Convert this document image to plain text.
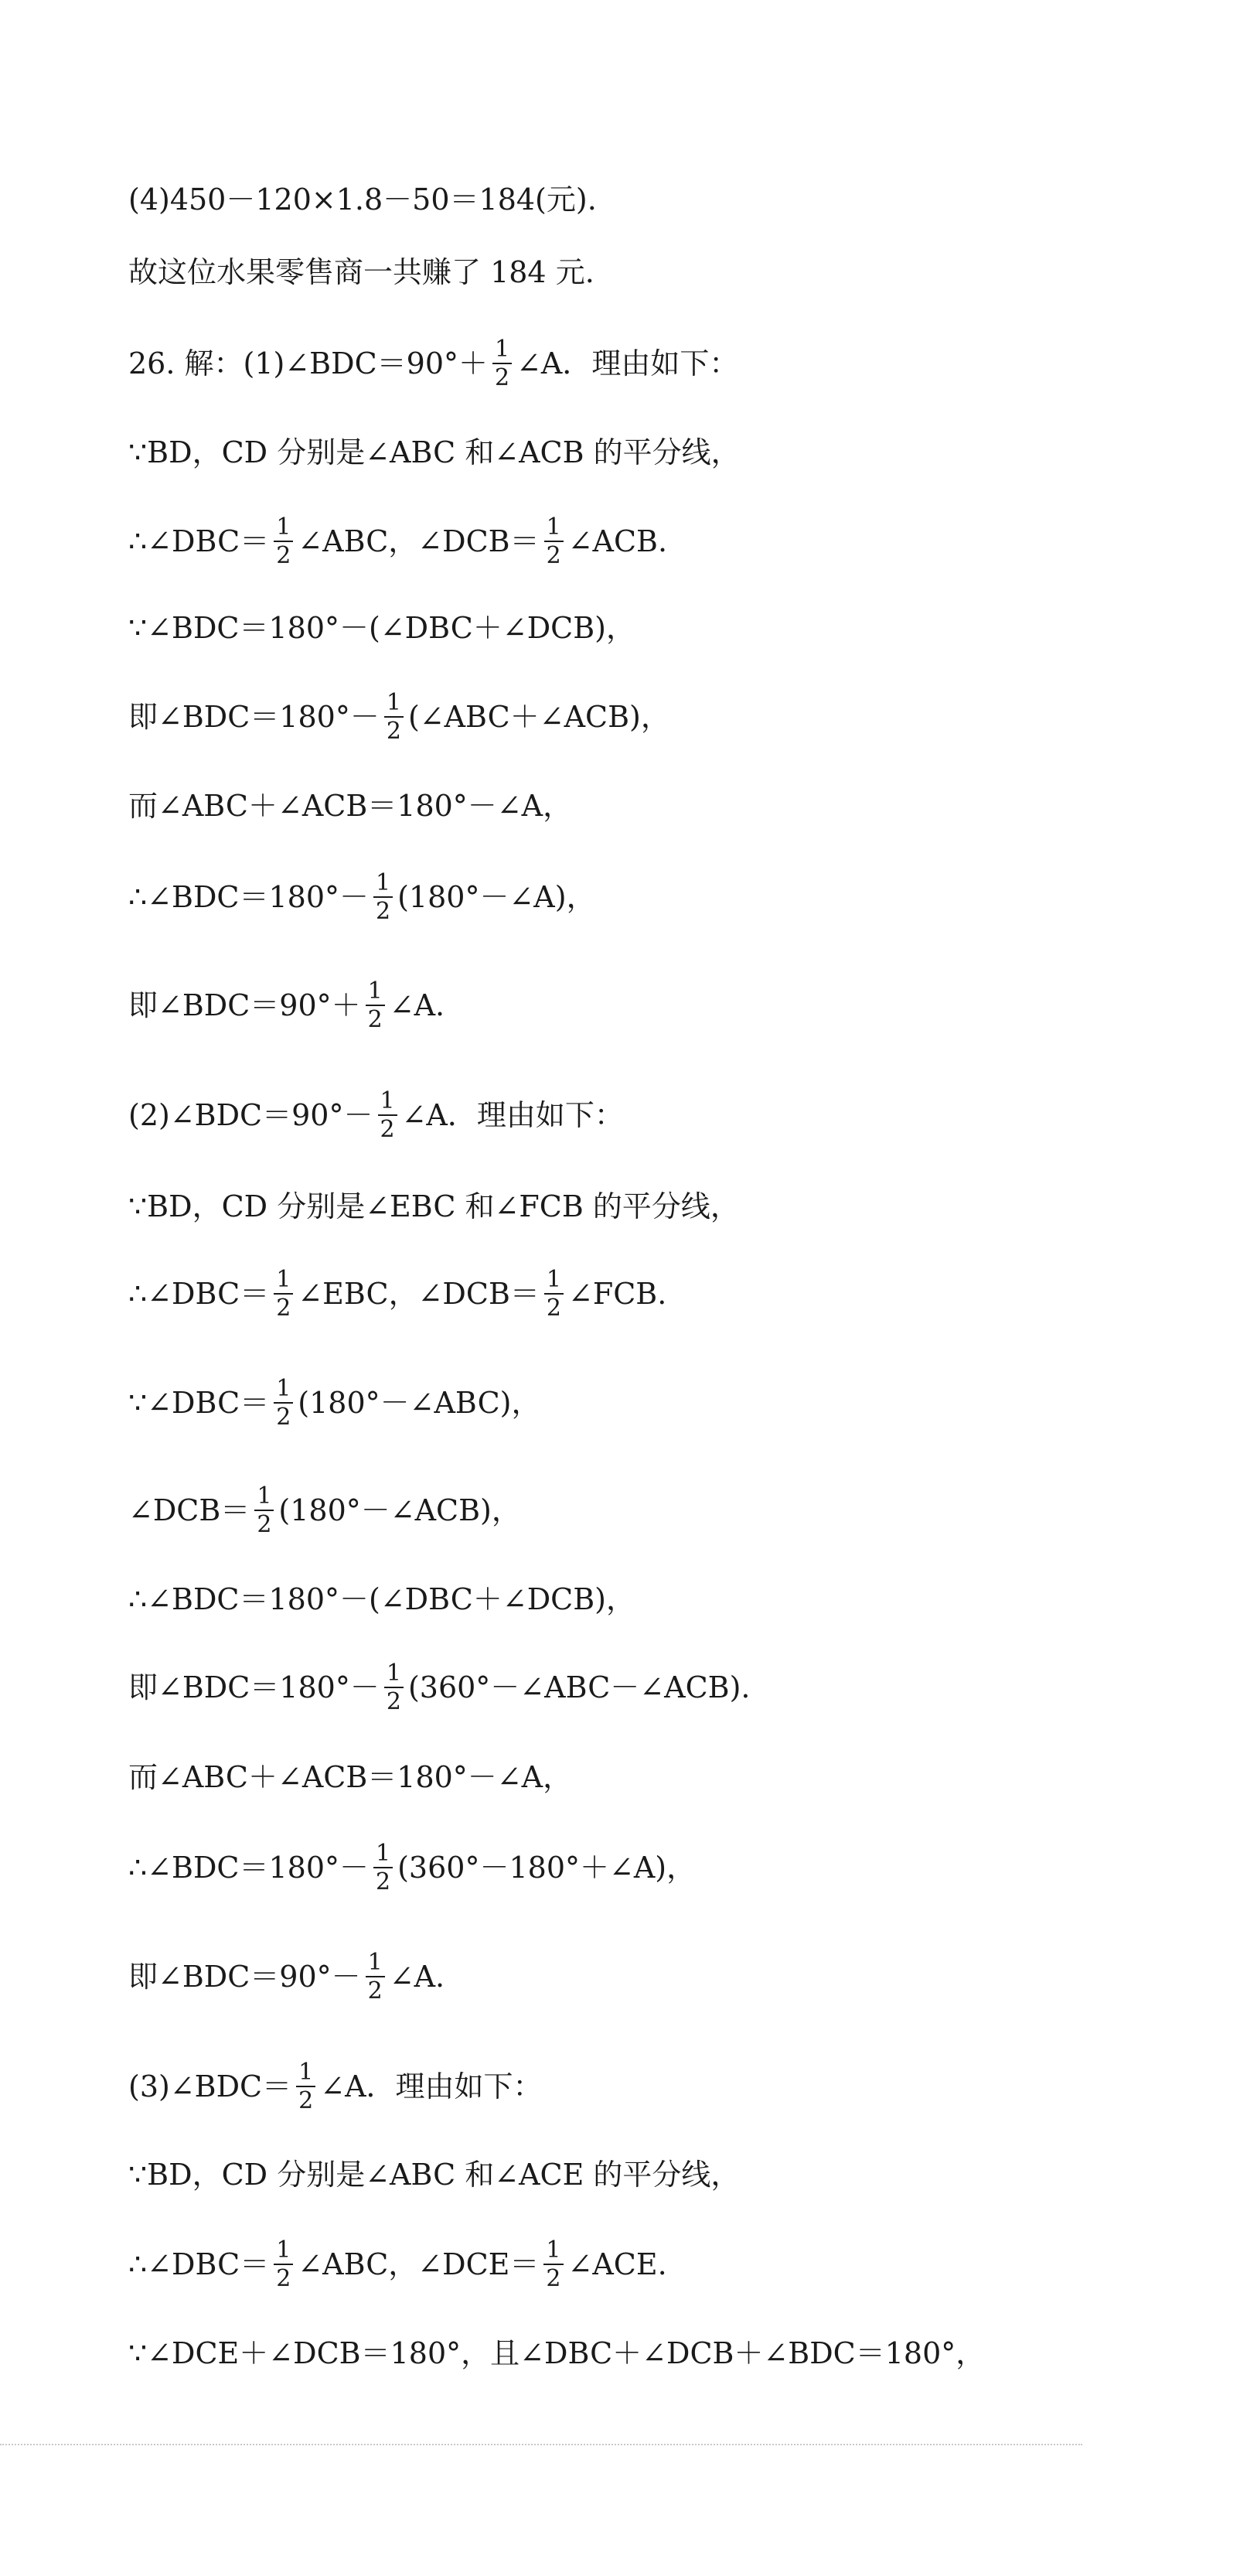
(4)450－120×1.8－50＝184(元).
故这位水果零售商一共赚了 184 元.
26. 解：(1)∠BDC＝90°＋ $\frac{1}{2}$ ∠A．理由如下：
∵BD，CD 分别是∠ABC 和∠ACB 的平分线，
∴∠DBC＝ $\frac{1}{2}$ ∠ABC，∠DCB＝ $\frac{1}{2}$ ∠ACB.
∵∠BDC＝180°－(∠DBC＋∠DCB)，
即∠BDC＝180°－ $\frac{1}{2}$ (∠ABC＋∠ACB)，
而∠ABC＋∠ACB＝180°－∠A，
∴∠BDC＝180°－ $\frac{1}{2}$ (180°－∠A)，
即∠BDC＝90°＋ $\frac{1}{2}$ ∠A.
(2)∠BDC＝90°－ $\frac{1}{2}$ ∠A．理由如下：
∵BD，CD 分别是∠EBC 和∠FCB 的平分线，
∴∠DBC＝ $\frac{1}{2}$ ∠EBC，∠DCB＝ $\frac{1}{2}$ ∠FCB.
∵∠DBC＝ $\frac{1}{2}$ (180°－∠ABC)，
∠DCB＝ $\frac{1}{2}$ (180°－∠ACB)，
∴∠BDC＝180°－(∠DBC＋∠DCB)，
即∠BDC＝180°－ $\frac{1}{2}$ (360°－∠ABC－∠ACB).
而∠ABC＋∠ACB＝180°－∠A，
∴∠BDC＝180°－ $\frac{1}{2}$ (360°－180°＋∠A)，
即∠BDC＝90°－ $\frac{1}{2}$ ∠A.
(3)∠BDC＝ $\frac{1}{2}$ ∠A．理由如下：
∵BD，CD 分别是∠ABC 和∠ACE 的平分线，
∴∠DBC＝ $\frac{1}{2}$ ∠ABC，∠DCE＝ $\frac{1}{2}$ ∠ACE.
∵∠DCE＋∠DCB＝180°，且∠DBC＋∠DCB＋∠BDC＝180°，
